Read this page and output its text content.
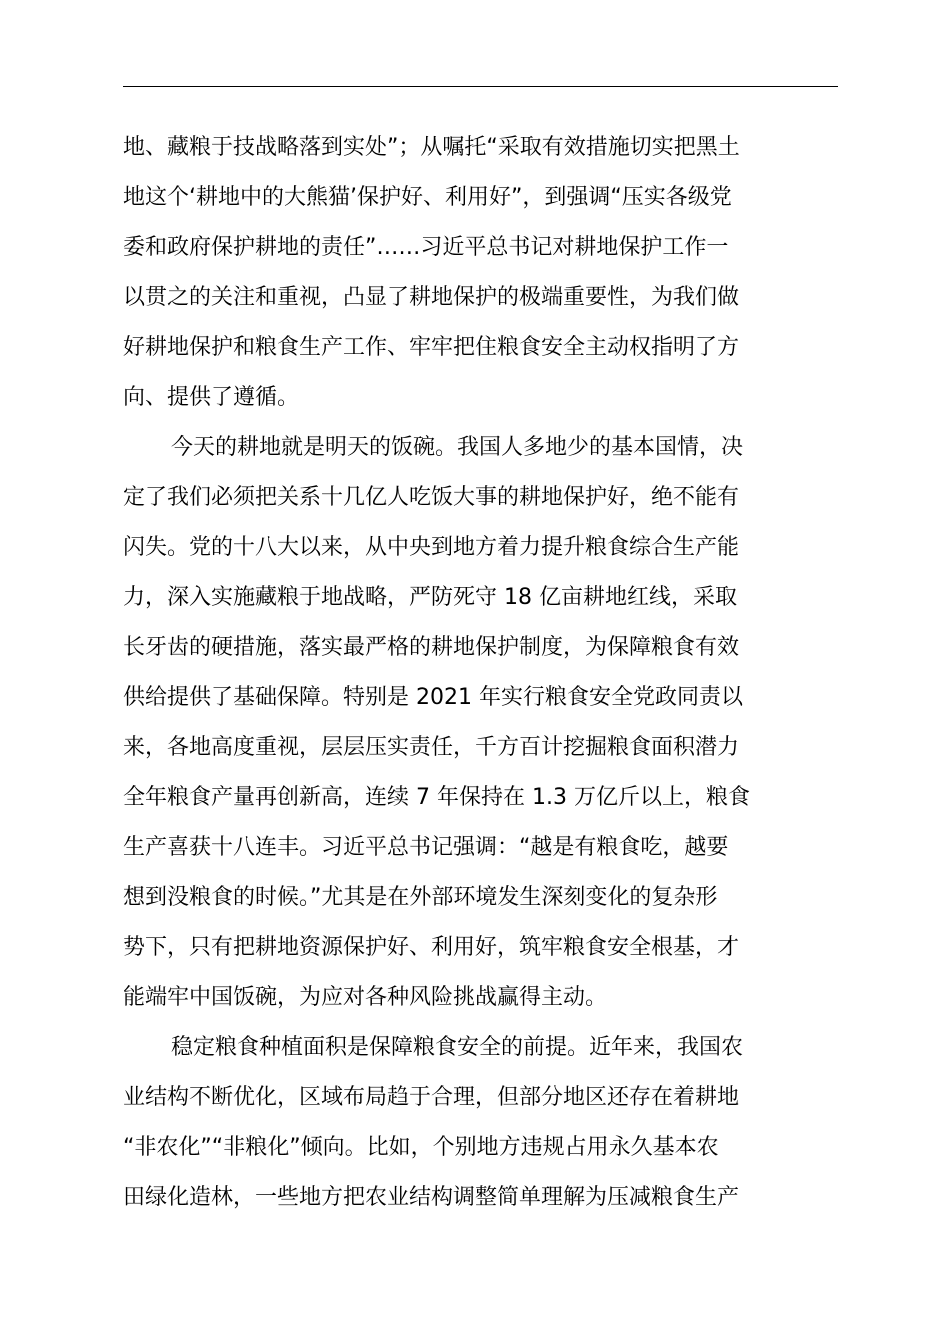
地、藏粮于技战略落到实处”；从嘱托“采取有效措施切实把黑土
地这个‘耕地中的大熊猫’保护好、利用好”，到强调“压实各级党
委和政府保护耕地的责任”……习近平总书记对耕地保护工作一
以贯之的关注和重视，凸显了耕地保护的极端重要性，为我们做
好耕地保护和粮食生产工作、牢牢把住粮食安全主动权指明了方
向、提供了遵循。
今天的耕地就是明天的饭碗。我国人多地少的基本国情，决
定了我们必须把关系十几亿人吃饭大事的耕地保护好，绝不能有
闪失。党的十八大以来，从中央到地方着力提升粮食综合生产能
力，深入实施藏粮于地战略，严防死守 18 亿亩耕地红线，采取
长牙齿的硬措施，落实最严格的耕地保护制度，为保障粮食有效
供给提供了基础保障。特别是 2021 年实行粮食安全党政同责以
来，各地高度重视，层层压实责任，千方百计挖掘粮食面积潜力
全年粮食产量再创新高，连续 7 年保持在 1.3 万亿斤以上，粮食
生产喜获十八连丰。习近平总书记强调：“越是有粮食吃，越要
想到没粮食的时候。”尤其是在外部环境发生深刻变化的复杂形
势下，只有把耕地资源保护好、利用好，筑牢粮食安全根基，才
能端牢中国饭碗，为应对各种风险挑战赢得主动。
稳定粮食种植面积是保障粮食安全的前提。近年来，我国农
业结构不断优化，区域布局趋于合理，但部分地区还存在着耕地
“非农化”“非粮化”倾向。比如，个别地方违规占用永久基本农
田绿化造林，一些地方把农业结构调整简单理解为压减粮食生产
